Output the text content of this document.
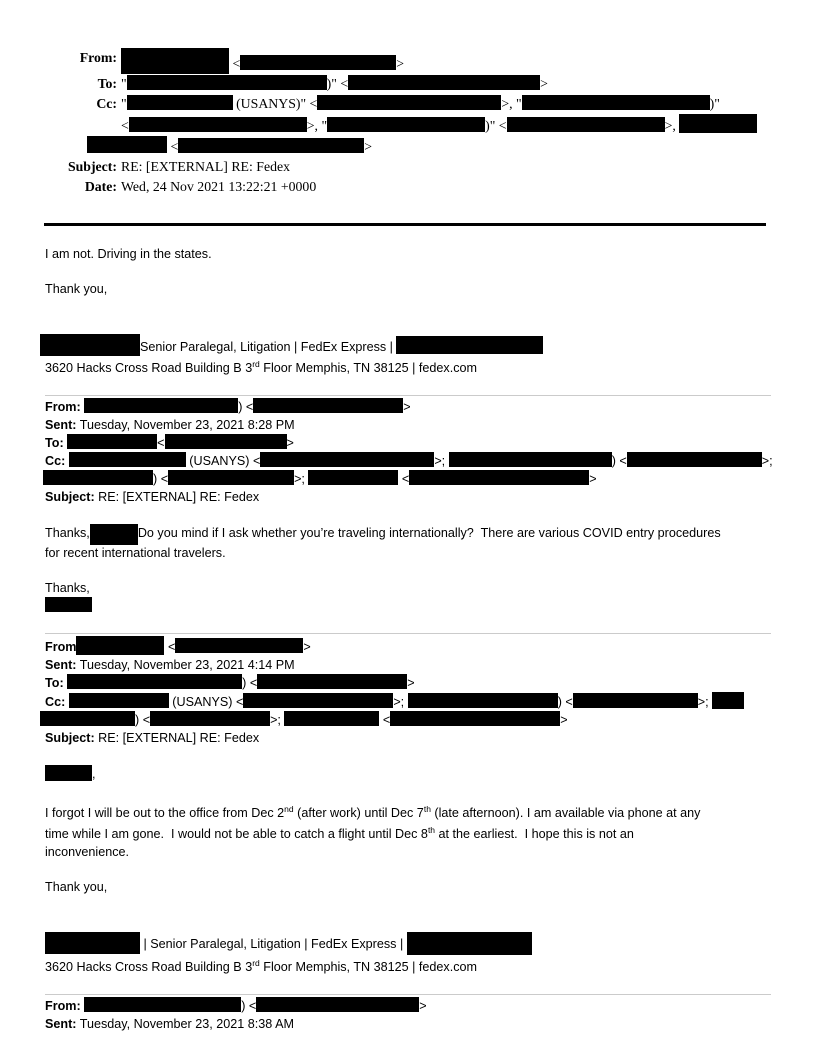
From:	<	>
To: "	)" <	>
Cc: "	(USANYS)" <	>, "	)"
<	>, "	)" <	>,
<	>
Subject: RE: [EXTERNAL] RE: Fedex
Date: Wed, 24 Nov 2021 13:22:21 +0000
I am not. Driving in the states.
Thank you,
Senior Paralegal, Litigation | FedEx Express |
3620 Hacks Cross Road Building B 3rd Floor Memphis, TN 38125 | fedex.com
From:	) <	>
Sent: Tuesday, November 23, 2021 8:28 PM
To:	<	>
Cc:	(USANYS) <	>;	) <	>;
) <	>;	<	>
Subject: RE: [EXTERNAL] RE: Fedex
Thanks,	Do you mind if I ask whether you’re traveling internationally?  There are various COVID entry procedures
for recent international travelers.
Thanks,
From	<	>
Sent: Tuesday, November 23, 2021 4:14 PM
To:	) <	>
Cc:	(USANYS) <	>;	) <	>;
) <	>;	<	>
Subject: RE: [EXTERNAL] RE: Fedex
,
I forgot I will be out to the office from Dec 2nd (after work) until Dec 7th (late afternoon). I am available via phone at any
time while I am gone.  I would not be able to catch a flight until Dec 8th at the earliest.  I hope this is not an
inconvenience.
Thank you,
| Senior Paralegal, Litigation | FedEx Express |
3620 Hacks Cross Road Building B 3rd Floor Memphis, TN 38125 | fedex.com
From:	) <	>
Sent: Tuesday, November 23, 2021 8:38 AM
